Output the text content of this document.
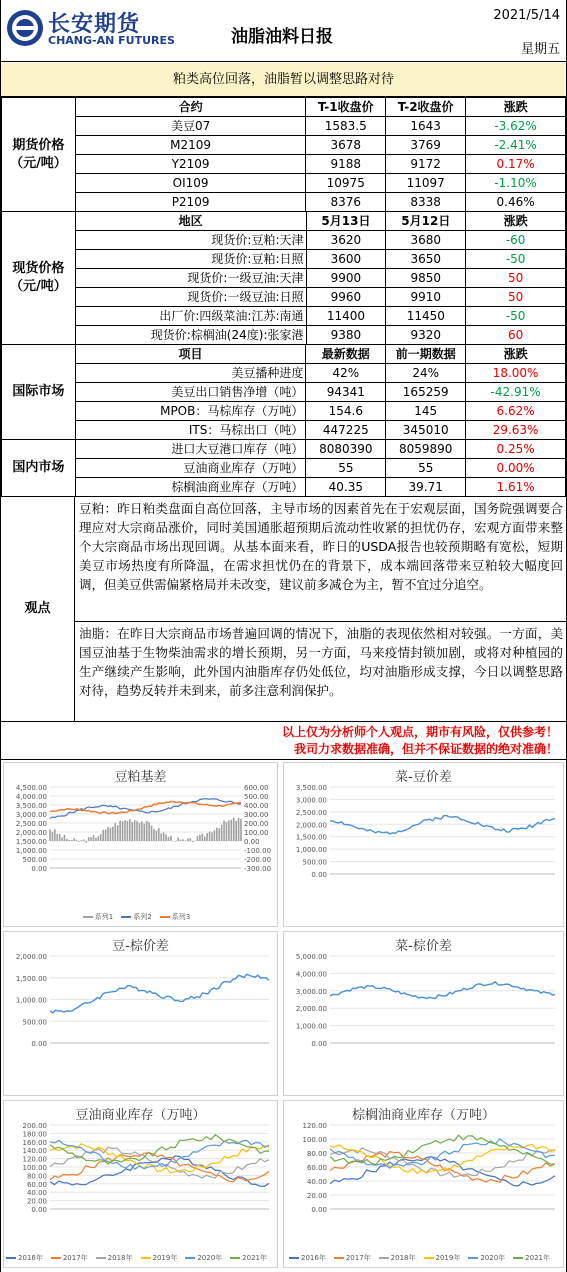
长安期货
CHANG-AN FUTURES	油脂油料日报
2021/5/14
星期五
粕类高位回落，油脂暂以调整思路对待
期货价格
（元/吨）	合约	T-1收盘价	T-2收盘价	涨跌
	美豆07	1583.5	1643	-3.62%
	M2109	3678	3769	-2.41%
	Y2109	9188	9172	0.17%
	OI109	10975	11097	-1.10%
	P2109	8376	8338	0.46%
现货价格
（元/吨）	地区	5月13日	5月12日	涨跌
	现货价:豆粕:天津	3620	3680	-60
	现货价:豆粕:日照	3600	3650	-50
	现货价:一级豆油:天津	9900	9850	50
	现货价:一级豆油:日照	9960	9910	50
	出厂价:四级菜油:江苏:南通	11400	11450	-50
	现货价:棕榈油(24度):张家港	9380	9320	60
国际市场	项目	最新数据	前一期数据	涨跌
	美豆播种进度	42%	24%	18.00%
	美豆出口销售净增（吨）	94341	165259	-42.91%
	MPOB：马棕库存（万吨）	154.6	145	6.62%
	ITS：马棕出口（吨）	447225	345010	29.63%
国内市场	进口大豆港口库存（吨）	8080390	8059890	0.25%
	豆油商业库存（万吨）	55	55	0.00%
	棕榈油商业库存（万吨）	40.35	39.71	1.61%
观点
豆粕：昨日粕类盘面自高位回落，主导市场的因素首先在于宏观层面，国务院强调要合理应对大宗商品涨价，同时美国通胀超预期后流动性收紧的担忧仍存，宏观方面带来整个大宗商品市场出现回调。从基本面来看，昨日的USDA报告也较预期略有宽松，短期美豆市场热度有所降温，在需求担忧仍在的背景下，成本端回落带来豆粕较大幅度回调，但美豆供需偏紧格局并未改变，建议前多减仓为主，暂不宜过分追空。
油脂：在昨日大宗商品市场普遍回调的情况下，油脂的表现依然相对较强。一方面，美国豆油基于生物柴油需求的增长预期，另一方面，马来疫情封锁加剧，或将对种植园的生产继续产生影响，此外国内油脂库存仍处低位，均对油脂形成支撑，今日以调整思路对待，趋势反转并未到来，前多注意利润保护。
以上仅为分析师个人观点，期市有风险，仅供参考！
我司力求数据准确，但并不保证数据的绝对准确！
豆粕基差
4,500.00
4,000.00
3,500.00
3,000.00
2,500.00
2,000.00
1,500.00
1,000.00
500.00
0.00
600.00
500.00
400.00
300.00
200.00
100.00
0.00
-100.00
-200.00
-300.00
系列1	系列2	系列3
菜-豆价差
3,500.00
3,000.00
2,500.00
2,000.00
1,500.00
1,000.00
500.00
0.00
豆-棕价差
2,000.00
1,500.00
1,000.00
500.00
0.00
菜-棕价差
5,000.00
4,000.00
3,000.00
2,000.00
1,000.00
0.00
豆油商业库存（万吨）
200.00
180.00
160.00
140.00
120.00
100.00
80.00
60.00
40.00
20.00
0.00
2016年	2017年	2018年	2019年	2020年	2021年
棕榈油商业库存（万吨）
120.00
100.00
80.00
60.00
40.00
20.00
0.00
2016年	2017年	2018年	2019年	2020年	2021年
